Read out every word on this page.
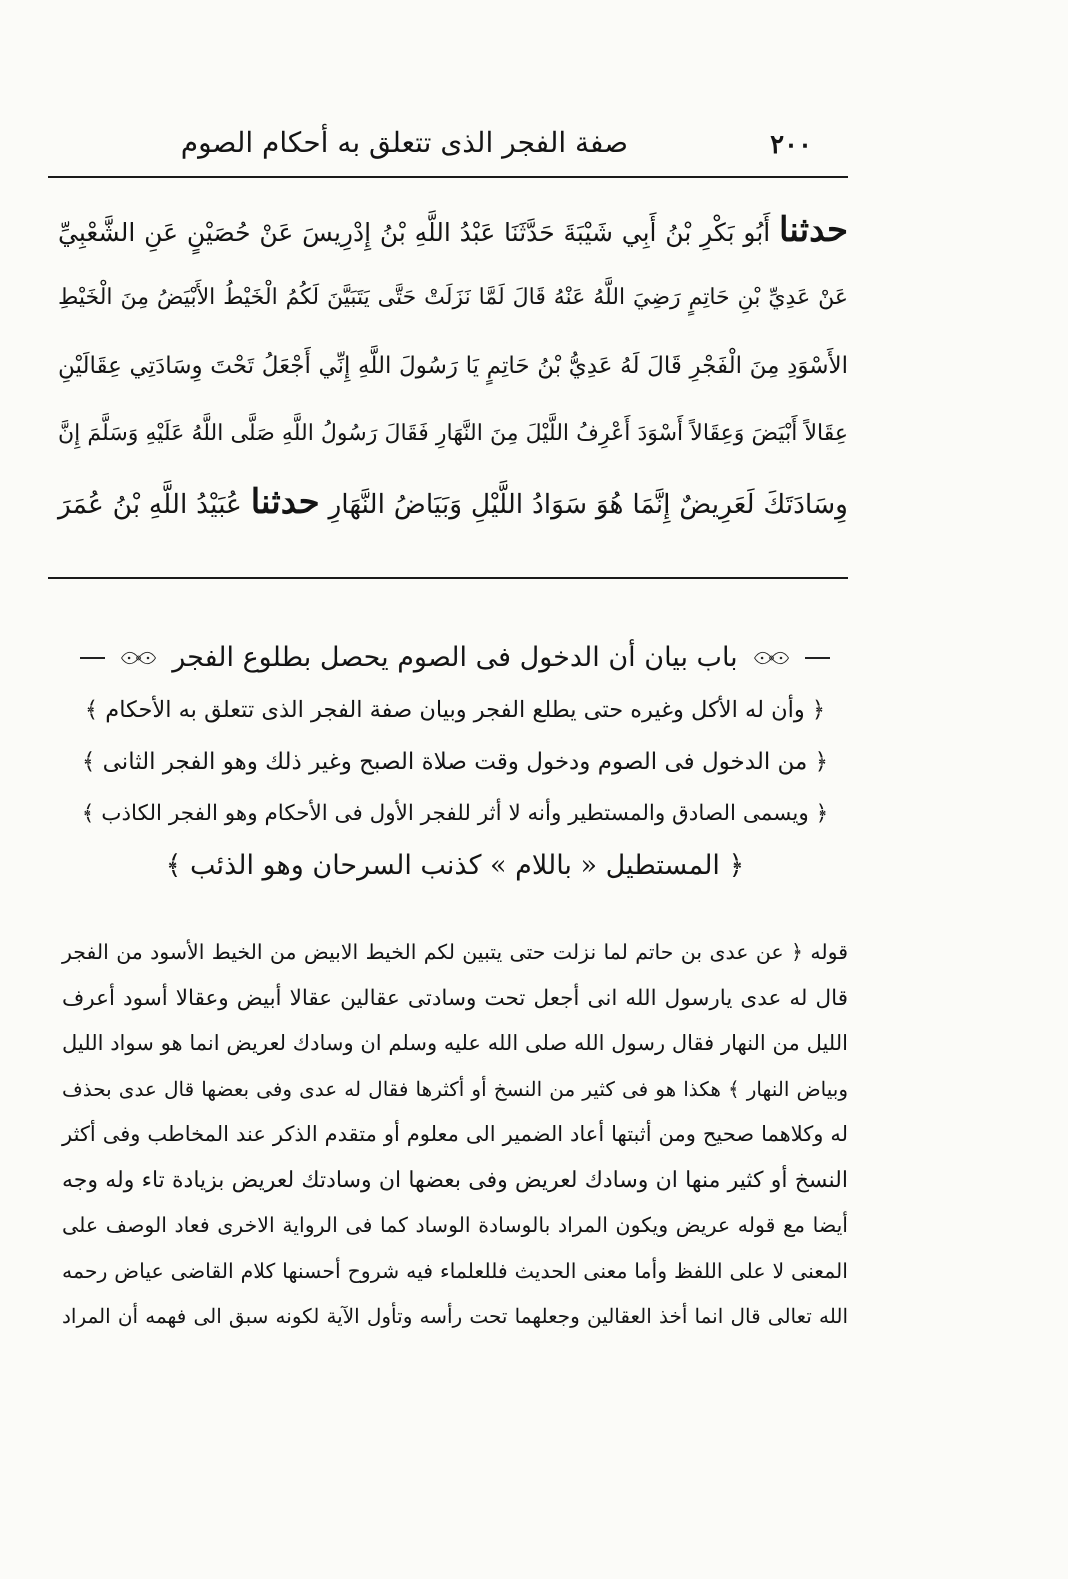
٢٠٠
صفة الفجر الذى تتعلق به أحكام الصوم
حدثنا أَبُو بَكْرِ بْنُ أَبِي شَيْبَةَ حَدَّثَنَا عَبْدُ اللَّهِ بْنُ إِدْرِيسَ عَنْ حُصَيْنٍ عَنِ الشَّعْبِيِّ
عَنْ عَدِيِّ بْنِ حَاتِمٍ رَضِيَ اللَّهُ عَنْهُ قَالَ لَمَّا نَزَلَتْ حَتَّى يَتَبَيَّنَ لَكُمُ الْخَيْطُ الأَبْيَضُ مِنَ الْخَيْطِ
الأَسْوَدِ مِنَ الْفَجْرِ قَالَ لَهُ عَدِيُّ بْنُ حَاتِمٍ يَا رَسُولَ اللَّهِ إِنِّي أَجْعَلُ تَحْتَ وِسَادَتِي عِقَالَيْنِ
عِقَالاً أَبْيَضَ وَعِقَالاً أَسْوَدَ أَعْرِفُ اللَّيْلَ مِنَ النَّهَارِ فَقَالَ رَسُولُ اللَّهِ صَلَّى اللَّهُ عَلَيْهِ وَسَلَّمَ إِنَّ
وِسَادَتَكَ لَعَرِيضٌ إِنَّمَا هُوَ سَوَادُ اللَّيْلِ وَبَيَاضُ النَّهَارِ حدثنا عُبَيْدُ اللَّهِ بْنُ عُمَرَ
باب بيان أن الدخول فى الصوم يحصل بطلوع الفجر
﴿ وأن له الأكل وغيره حتى يطلع الفجر وبيان صفة الفجر الذى تتعلق به الأحكام ﴾
﴿ من الدخول فى الصوم ودخول وقت صلاة الصبح وغير ذلك وهو الفجر الثانى ﴾
﴿ ويسمى الصادق والمستطير وأنه لا أثر للفجر الأول فى الأحكام وهو الفجر الكاذب ﴾
﴿ المستطيل « باللام » كذنب السرحان وهو الذئب ﴾
قوله ﴿ عن عدى بن حاتم لما نزلت حتى يتبين لكم الخيط الابيض من الخيط الأسود من الفجر
قال له عدى يارسول الله انى أجعل تحت وسادتى عقالين عقالا أبيض وعقالا أسود أعرف
الليل من النهار فقال رسول الله صلى الله عليه وسلم ان وسادك لعريض انما هو سواد الليل
وبياض النهار ﴾ هكذا هو فى كثير من النسخ أو أكثرها فقال له عدى وفى بعضها قال عدى بحذف
له وكلاهما صحيح ومن أثبتها أعاد الضمير الى معلوم أو متقدم الذكر عند المخاطب وفى أكثر
النسخ أو كثير منها ان وسادك لعريض وفى بعضها ان وسادتك لعريض بزيادة تاء وله وجه
أيضا مع قوله عريض ويكون المراد بالوسادة الوساد كما فى الرواية الاخرى فعاد الوصف على
المعنى لا على اللفظ وأما معنى الحديث فللعلماء فيه شروح أحسنها كلام القاضى عياض رحمه
الله تعالى قال انما أخذ العقالين وجعلهما تحت رأسه وتأول الآية لكونه سبق الى فهمه أن المراد
